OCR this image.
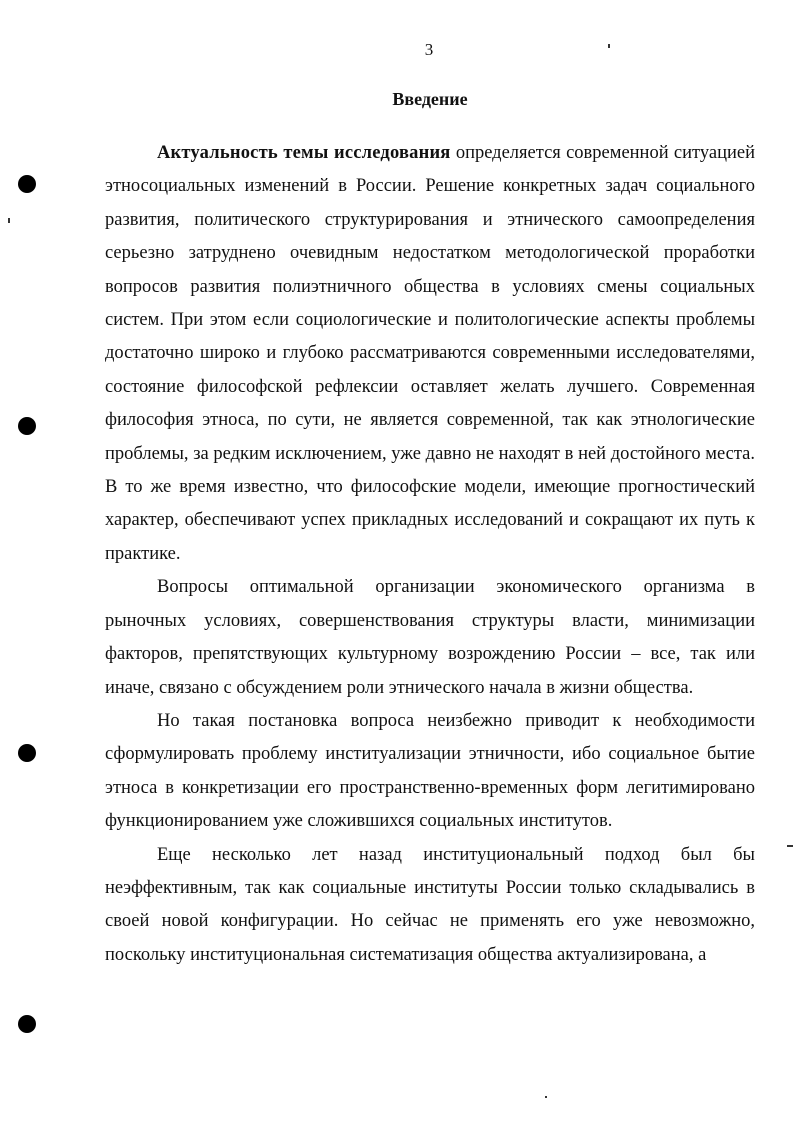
3
Введение

Актуальность темы исследования определяется современной ситуацией этносоциальных изменений в России. Решение конкретных задач социального развития, политического структурирования и этнического самоопределения серьезно затруднено очевидным недостатком методологической проработки вопросов развития полиэтничного общества в условиях смены социальных систем. При этом если социологические и политологические аспекты проблемы достаточно широко и глубоко рассматриваются современными исследователями, состояние философской рефлексии оставляет желать лучшего. Современная философия этноса, по сути, не является современной, так как этнологические проблемы, за редким исключением, уже давно не находят в ней достойного места. В то же время известно, что философские модели, имеющие прогностический характер, обеспечивают успех прикладных исследований и сокращают их путь к практике.

Вопросы оптимальной организации экономического организма в рыночных условиях, совершенствования структуры власти, минимизации факторов, препятствующих культурному возрождению России – все, так или иначе, связано с обсуждением роли этнического начала в жизни общества.

Но такая постановка вопроса неизбежно приводит к необходимости сформулировать проблему институализации этничности, ибо социальное бытие этноса в конкретизации его пространственно-временных форм легитимировано функционированием уже сложившихся социальных институтов.

Еще несколько лет назад институциональный подход был бы неэффективным, так как социальные институты России только складывались в своей новой конфигурации. Но сейчас не применять его уже невозможно, поскольку институциональная систематизация общества актуализирована, а
